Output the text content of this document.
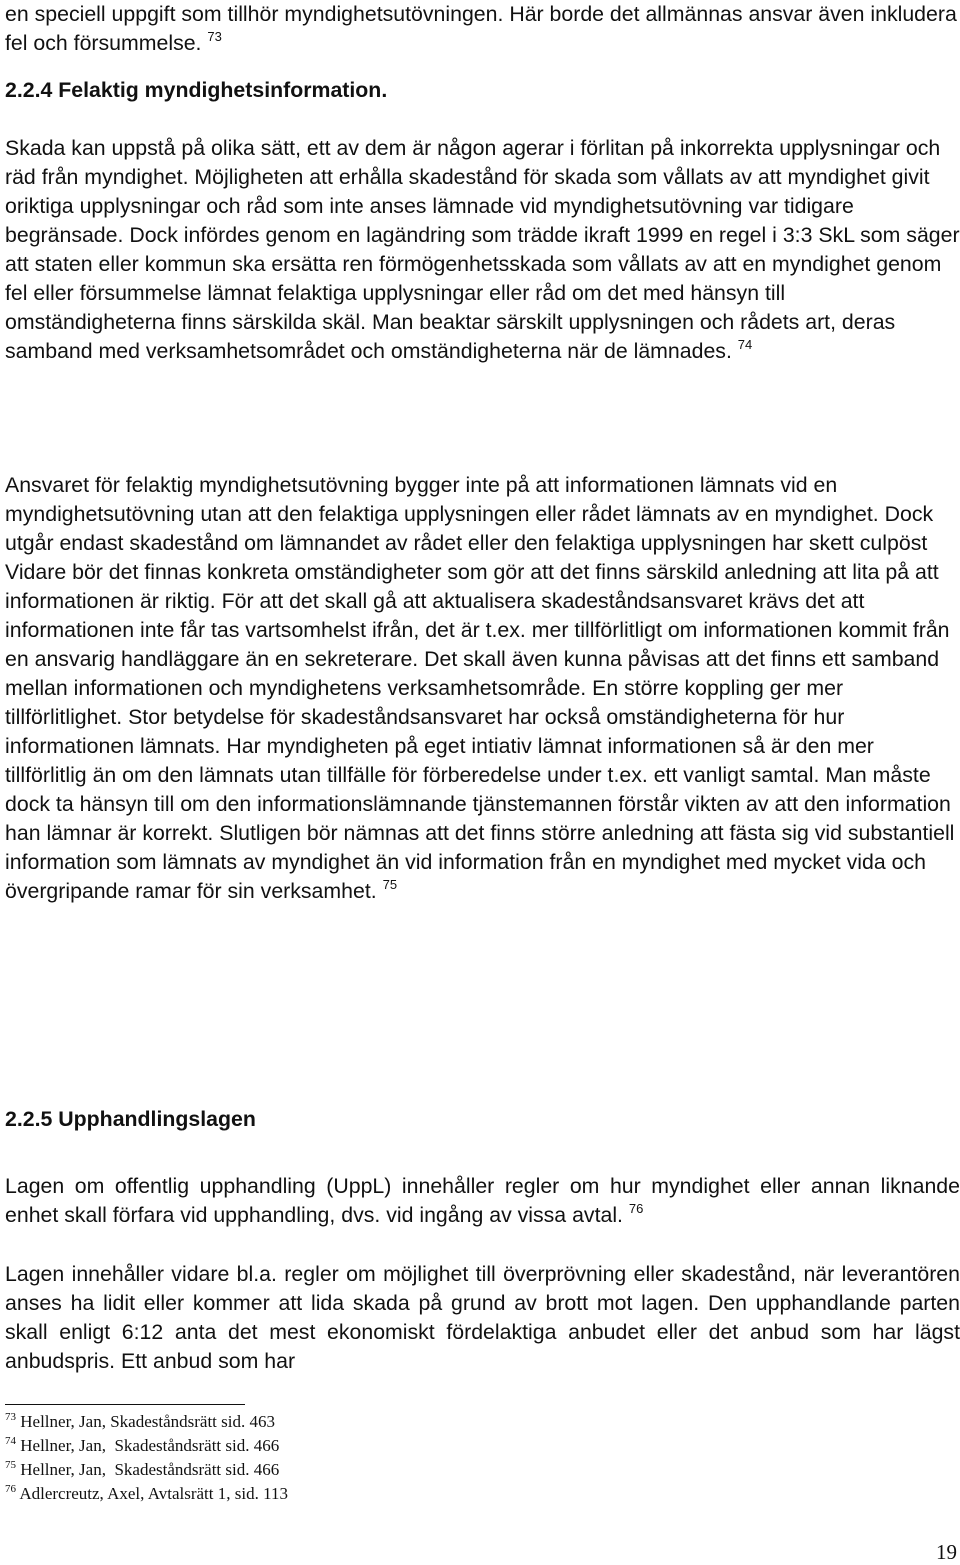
en speciell uppgift som tillhör myndighetsutövningen. Här borde det allmännas ansvar även inkludera fel och försummelse. $^{73}$

2.2.4 Felaktig myndighetsinformation.

Skada kan uppstå på olika sätt, ett av dem är någon agerar i förlitan på inkorrekta upplysningar och räd från myndighet. Möjligheten att erhålla skadestånd för skada som vållats av att myndighet givit oriktiga upplysningar och råd som inte anses lämnade vid myndighetsutövning var tidigare begränsade. Dock infördes genom en lagändring som trädde ikraft 1999 en regel i 3:3 SkL som säger att staten eller kommun ska ersätta ren förmögenhetsskada som vållats av att en myndighet genom fel eller försummelse lämnat felaktiga upplysningar eller råd om det med hänsyn till omständigheterna finns särskilda skäl. Man beaktar särskilt upplysningen och rådets art, deras samband med verksamhetsområdet och omständigheterna när de lämnades. $^{74}$

Ansvaret för felaktig myndighetsutövning bygger inte på att informationen lämnats vid en myndighetsutövning utan att den felaktiga upplysningen eller rådet lämnats av en myndighet. Dock utgår endast skadestånd om lämnandet av rådet eller den felaktiga upplysningen har skett culpöst Vidare bör det finnas konkreta omständigheter som gör att det finns särskild anledning att lita på att informationen är riktig. För att det skall gå att aktualisera skadeståndsansvaret krävs det att informationen inte får tas vartsomhelst ifrån, det är t.ex. mer tillförlitligt om informationen kommit från en ansvarig handläggare än en sekreterare. Det skall även kunna påvisas att det finns ett samband mellan informationen och myndighetens verksamhetsområde. En större koppling ger mer tillförlitlighet. Stor betydelse för skadeståndsansvaret har också omständigheterna för hur informationen lämnats. Har myndigheten på eget intiativ lämnat informationen så är den mer tillförlitlig än om den lämnats utan tillfälle för förberedelse under t.ex. ett vanligt samtal. Man måste dock ta hänsyn till om den informationslämnande tjänstemannen förstår vikten av att den information han lämnar är korrekt. Slutligen bör nämnas att det finns större anledning att fästa sig vid substantiell information som lämnats av myndighet än vid information från en myndighet med mycket vida och övergripande ramar för sin verksamhet. $^{75}$

2.2.5 Upphandlingslagen

Lagen om offentlig upphandling (UppL) innehåller regler om hur myndighet eller annan liknande enhet skall förfara vid upphandling, dvs. vid ingång av vissa avtal. $^{76}$

Lagen innehåller vidare bl.a. regler om möjlighet till överprövning eller skadestånd, när leverantören anses ha lidit eller kommer att lida skada på grund av brott mot lagen. Den upphandlande parten skall enligt 6:12 anta det mest ekonomiskt fördelaktiga anbudet eller det anbud som har lägst anbudspris. Ett anbud som har

$^{73}$ Hellner, Jan, Skadeståndsrätt sid. 463
$^{74}$ Hellner, Jan,  Skadeståndsrätt sid. 466
$^{75}$ Hellner, Jan,  Skadeståndsrätt sid. 466
$^{76}$ Adlercreutz, Axel, Avtalsrätt 1, sid. 113
19
